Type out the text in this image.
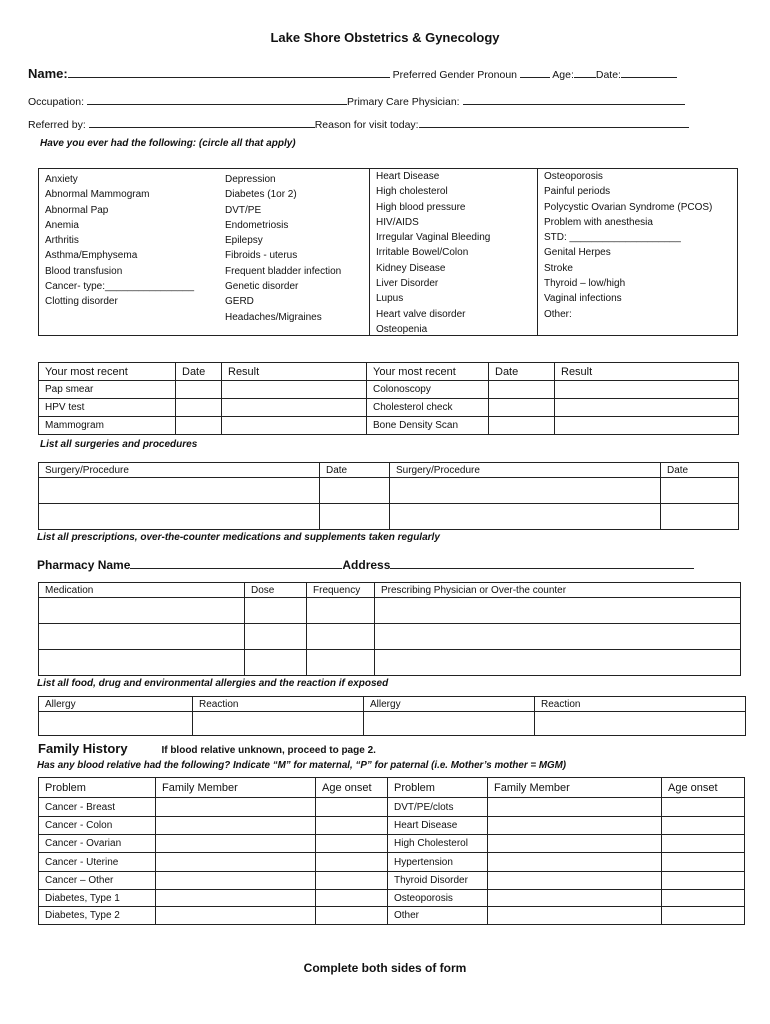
Lake Shore Obstetrics & Gynecology
Name:	Preferred Gender Pronoun	Age: Date:
Occupation:	Primary Care Physician:
Referred by:	Reason for visit today:
Have you ever had the following: (circle all that apply)
Anxiety
Abnormal Mammogram
Abnormal Pap
Anemia
Arthritis
Asthma/Emphysema
Blood transfusion
Cancer- type:________________
Clotting disorder
Depression
Diabetes (1or 2)
DVT/PE
Endometriosis
Epilepsy
Fibroids - uterus
Frequent bladder infection
Genetic disorder
GERD
Headaches/Migraines
Heart Disease
High cholesterol
High blood pressure
HIV/AIDS
Irregular Vaginal Bleeding
Irritable Bowel/Colon
Kidney Disease
Liver Disorder
Lupus
Heart valve disorder
Osteopenia
Osteoporosis
Painful periods
Polycystic Ovarian Syndrome (PCOS)
Problem with anesthesia
STD: ____________________
Genital Herpes
Stroke
Thyroid – low/high
Vaginal infections
Other:
Your most recent	Date	Result	Your most recent	Date	Result
Pap smear			Colonoscopy		
HPV test			Cholesterol check		
Mammogram			Bone Density Scan		
List all surgeries and procedures
Surgery/Procedure	Date	Surgery/Procedure	Date

List all prescriptions, over-the-counter medications and supplements taken regularly
Pharmacy Name	Address
Medication	Dose	Frequency	Prescribing Physician or Over-the counter

List all food, drug and environmental allergies and the reaction if exposed
Allergy	Reaction	Allergy	Reaction

Family History	If blood relative unknown, proceed to page 2.
Has any blood relative had the following? Indicate “M” for maternal, “P” for paternal (i.e. Mother’s mother = MGM)
Problem	Family Member	Age onset	Problem	Family Member	Age onset
Cancer - Breast			DVT/PE/clots		
Cancer - Colon			Heart Disease		
Cancer - Ovarian			High Cholesterol		
Cancer - Uterine			Hypertension		
Cancer – Other			Thyroid Disorder		
Diabetes, Type 1			Osteoporosis		
Diabetes, Type 2			Other		
Complete both sides of form
